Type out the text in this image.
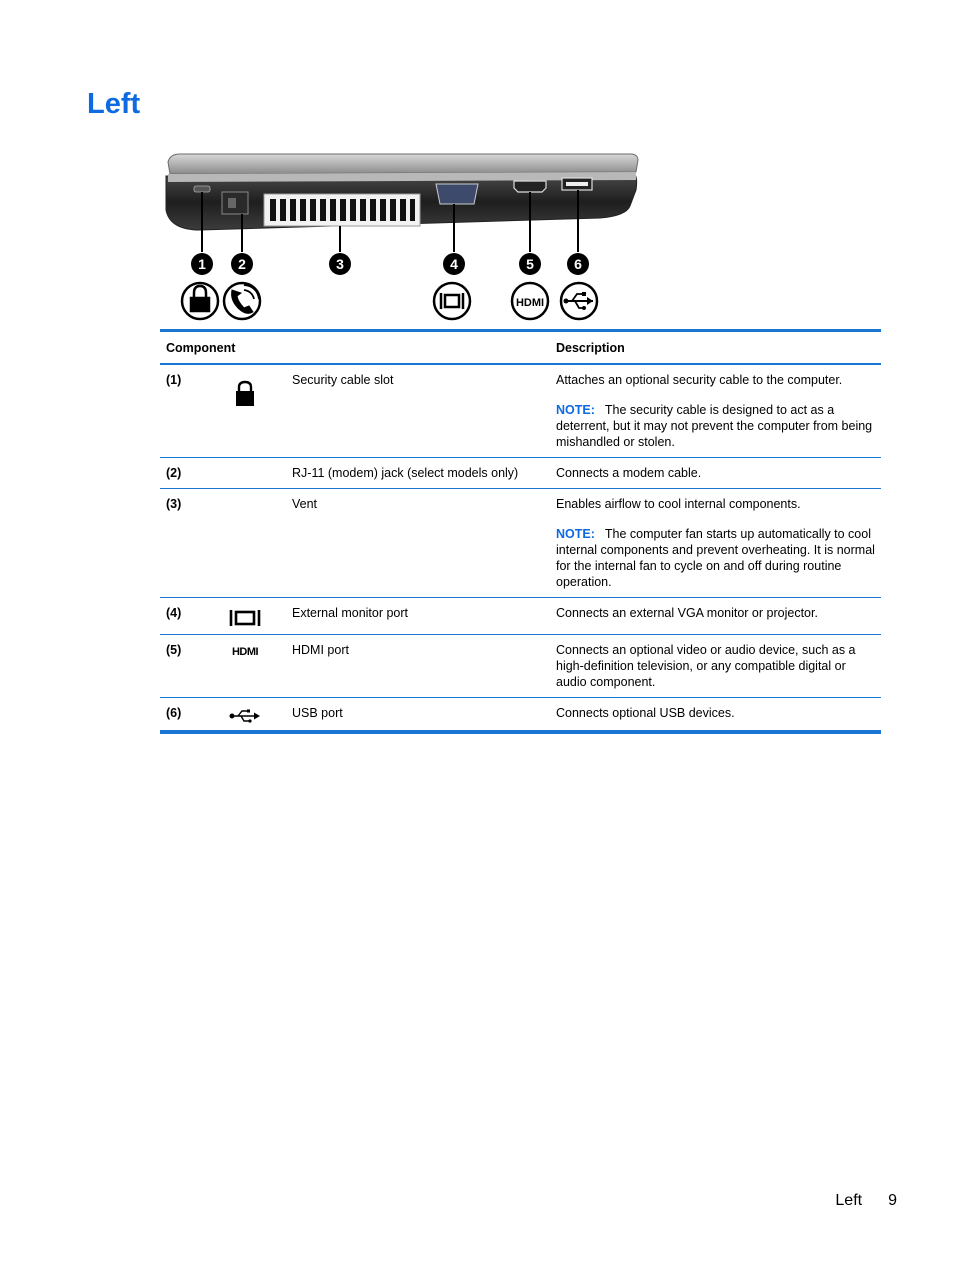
Left
1 2	3	4	5	6
HDMI
Component			Description
(1)		Security cable slot	Attaches an optional security cable to the computer.
NOTE: The security cable is designed to act as a deterrent, but it may not prevent the computer from being mishandled or stolen.

(2)		RJ-11 (modem) jack (select models only)	Connects a modem cable.
(3)		Vent	Enables airflow to cool internal components.
NOTE: The computer fan starts up automatically to cool internal components and prevent overheating. It is normal for the internal fan to cycle on and off during routine operation.

(4)		External monitor port	Connects an external VGA monitor or projector.
(5)	HDMI	HDMI port	Connects an optional video or audio device, such as a high-definition television, or any compatible digital or audio component.
(6)		USB port	Connects optional USB devices.
Left 9
